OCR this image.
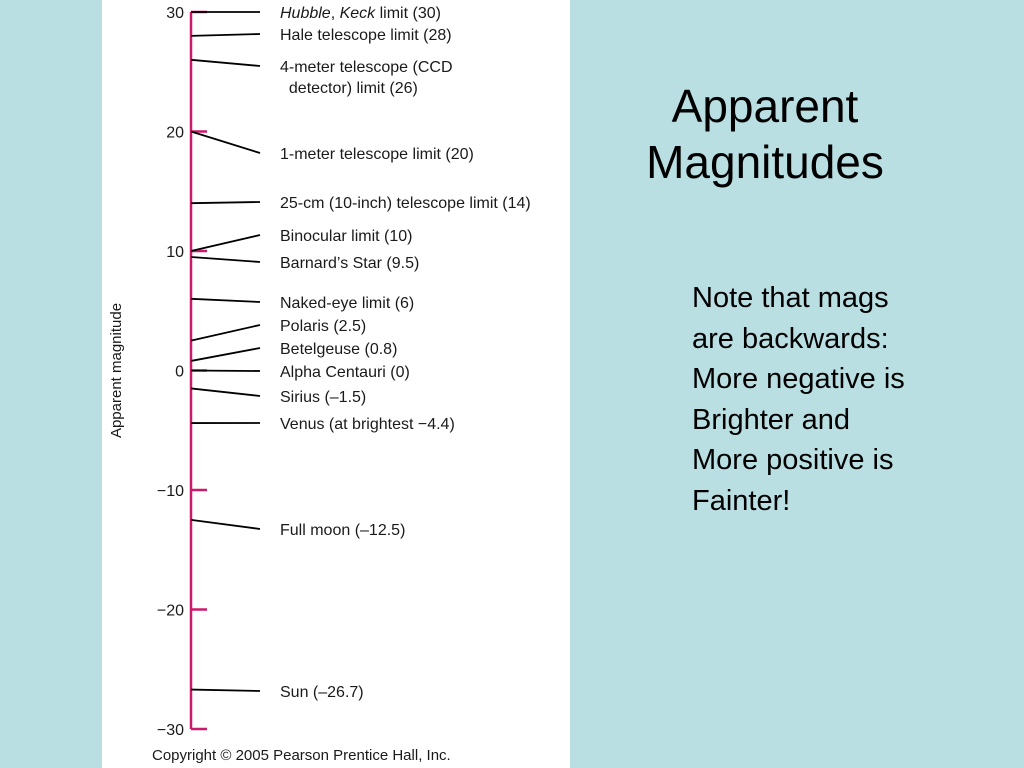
30
20
10
0
−10
−20
−30
Apparent magnitude
Hubble, Keck limit (30)
Hale telescope limit (28)
4-meter telescope (CCD
detector) limit (26)
1-meter telescope limit (20)
25-cm (10-inch) telescope limit (14)
Binocular limit (10)
Barnard’s Star (9.5)
Naked-eye limit (6)
Polaris (2.5)
Betelgeuse (0.8)
Alpha Centauri (0)
Sirius (–1.5)
Venus (at brightest −4.4)
Full moon (–12.5)
Sun (–26.7)
Copyright © 2005 Pearson Prentice Hall, Inc.
Apparent
Magnitudes
Note that mags
are backwards:
More negative is
Brighter and
More positive is
Fainter!
